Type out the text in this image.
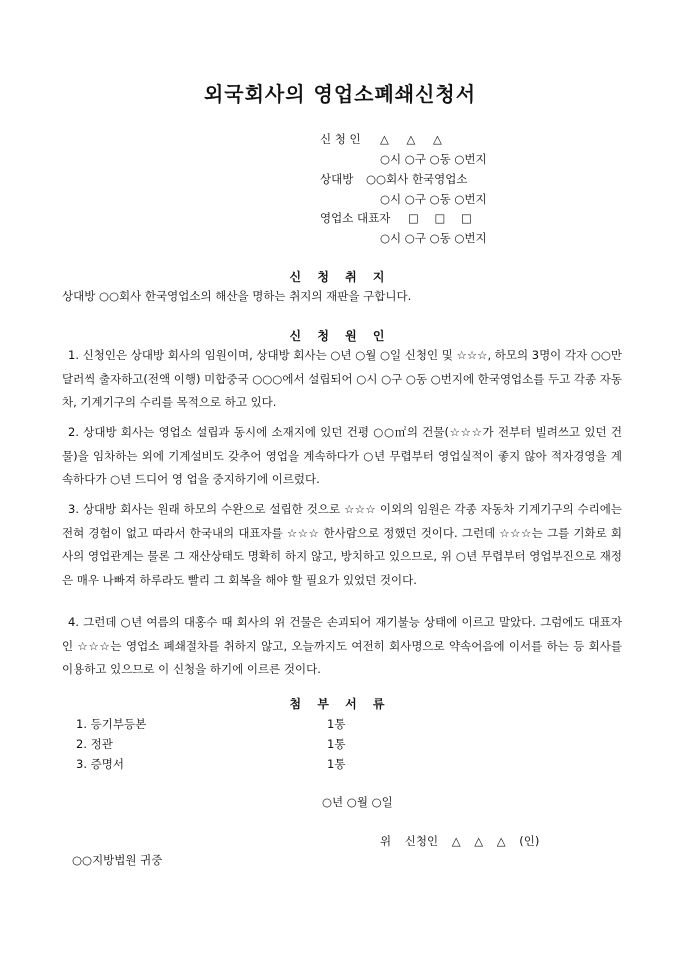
외국회사의 영업소폐쇄신청서
신 청 인 △ △ △
○시 ○구 ○동 ○번지
상대방 ○○회사 한국영업소
○시 ○구 ○동 ○번지
영업소 대표자 □ □ □
○시 ○구 ○동 ○번지
신 청 취 지
상대방 ○○회사 한국영업소의 해산을 명하는 취지의 재판을 구합니다.
신 청 원 인
1. 신청인은 상대방 회사의 임원이며, 상대방 회사는 ○년 ○월 ○일 신청인 및 ☆☆☆, 하모의 3명이 각자 ○○만 달러씩 출자하고(전액 이행) 미합중국 ○○○에서 설립되어 ○시 ○구 ○동 ○번지에 한국영업소를 두고 각종 자동차, 기계기구의 수리를 목적으로 하고 있다.
2. 상대방 회사는 영업소 설립과 동시에 소재지에 있던 건평 ○○㎡의 건물(☆☆☆가 전부터 빌려쓰고 있던 건물)을 임차하는 외에 기계설비도 갖추어 영업을 계속하다가 ○년 무렵부터 영업실적이 좋지 않아 적자경영을 계속하다가 ○년 드디어 영 업을 중지하기에 이르렀다.
3. 상대방 회사는 원래 하모의 수완으로 설립한 것으로 ☆☆☆ 이외의 임원은 각종 자동차 기계기구의 수리에는 전혀 경험이 없고 따라서 한국내의 대표자를 ☆☆☆ 한사람으로 정했던 것이다. 그런데 ☆☆☆는 그를 기화로 회사의 영업관계는 물론 그 재산상태도 명확히 하지 않고, 방치하고 있으므로, 위 ○년 무렵부터 영업부진으로 재정은 매우 나빠져 하루라도 빨리 그 회복을 해야 할 필요가 있었던 것이다.
4. 그런데 ○년 여름의 대홍수 때 회사의 위 건물은 손괴되어 재기불능 상태에 이르고 말았다. 그럼에도 대표자인 ☆☆☆는 영업소 폐쇄절차를 취하지 않고, 오늘까지도 여전히 회사명으로 약속어음에 이서를 하는 등 회사를 이용하고 있으므로 이 신청을 하기에 이르른 것이다.
첨 부 서 류
1. 등기부등본	1통
2. 정관	1통
3. 증명서	1통
○년 ○월 ○일
위 신청인 △ △ △ (인)
○○지방법원 귀중
